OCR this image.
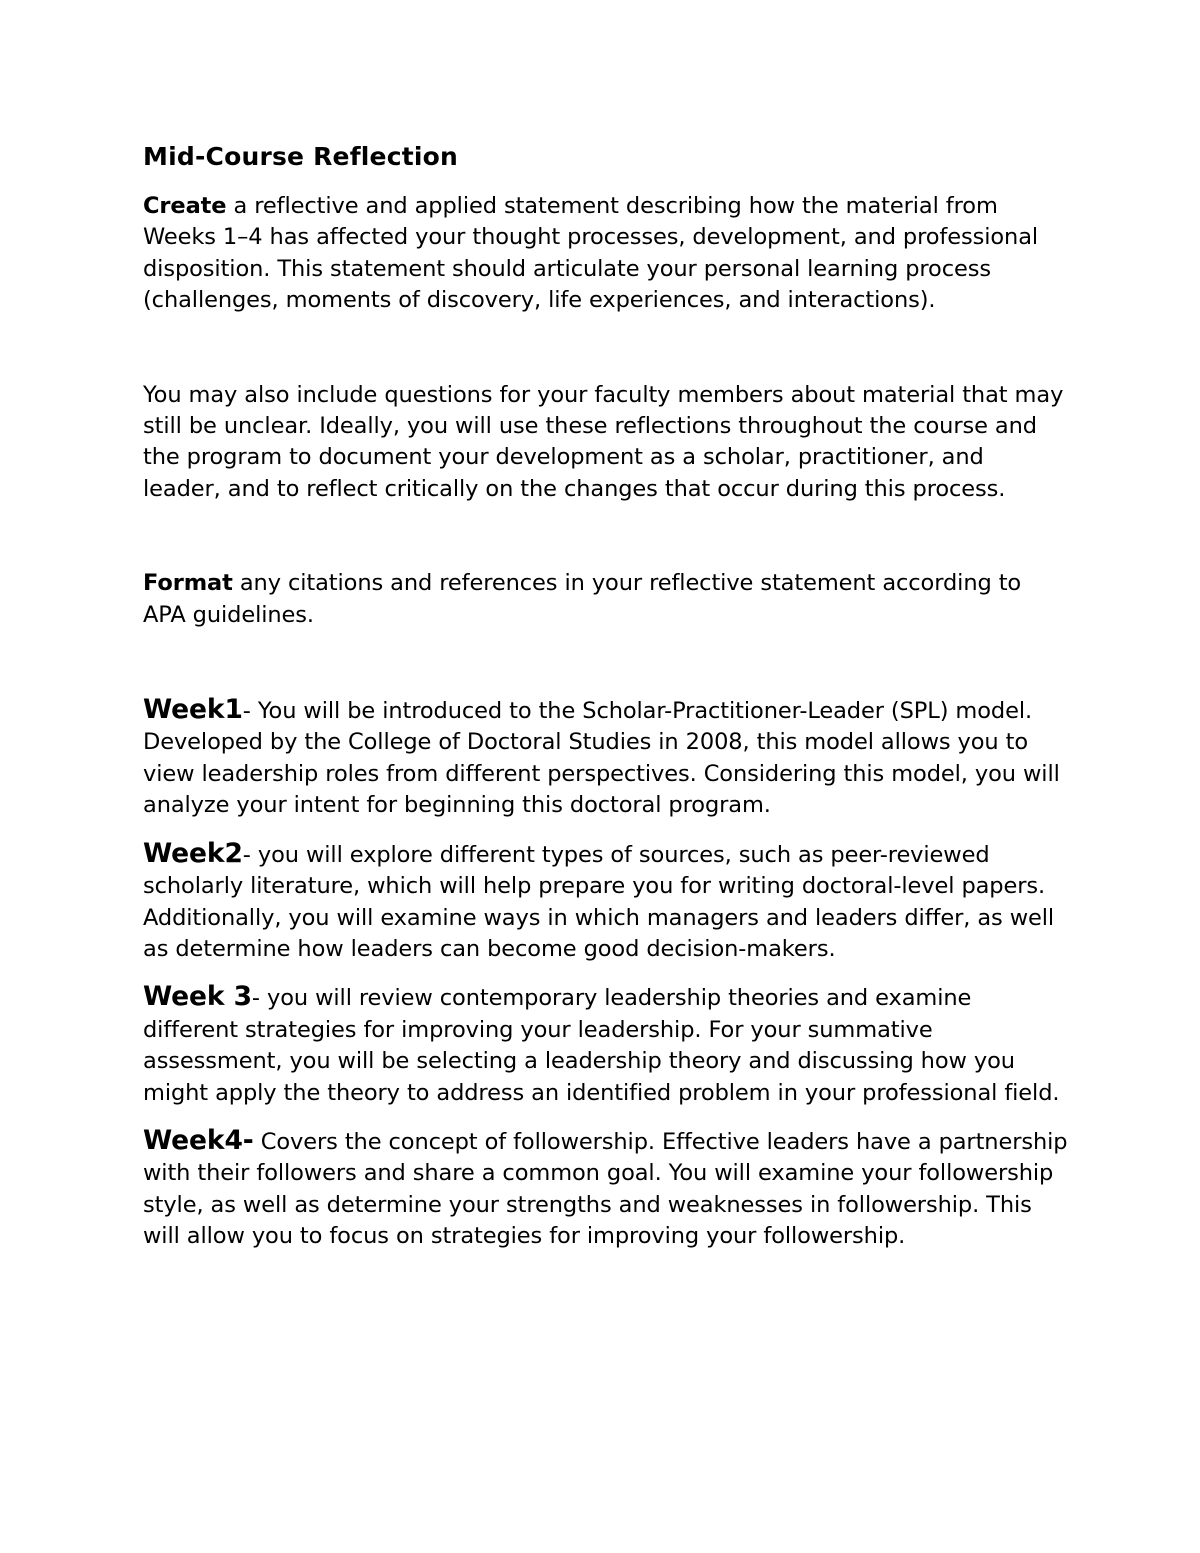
Mid-Course Reflection

Create a reflective and applied statement describing how the material from Weeks 1–4 has affected your thought processes, development, and professional disposition. This statement should articulate your personal learning process (challenges, moments of discovery, life experiences, and interactions).

You may also include questions for your faculty members about material that may still be unclear. Ideally, you will use these reflections throughout the course and the program to document your development as a scholar, practitioner, and leader, and to reflect critically on the changes that occur during this process.

Format any citations and references in your reflective statement according to APA guidelines.

Week1- You will be introduced to the Scholar-Practitioner-Leader (SPL) model. Developed by the College of Doctoral Studies in 2008, this model allows you to view leadership roles from different perspectives. Considering this model, you will analyze your intent for beginning this doctoral program.

Week2- you will explore different types of sources, such as peer-reviewed scholarly literature, which will help prepare you for writing doctoral-level papers. Additionally, you will examine ways in which managers and leaders differ, as well as determine how leaders can become good decision-makers.

Week 3- you will review contemporary leadership theories and examine different strategies for improving your leadership. For your summative assessment, you will be selecting a leadership theory and discussing how you might apply the theory to address an identified problem in your professional field.

Week4- Covers the concept of followership. Effective leaders have a partnership with their followers and share a common goal. You will examine your followership style, as well as determine your strengths and weaknesses in followership. This will allow you to focus on strategies for improving your followership.
